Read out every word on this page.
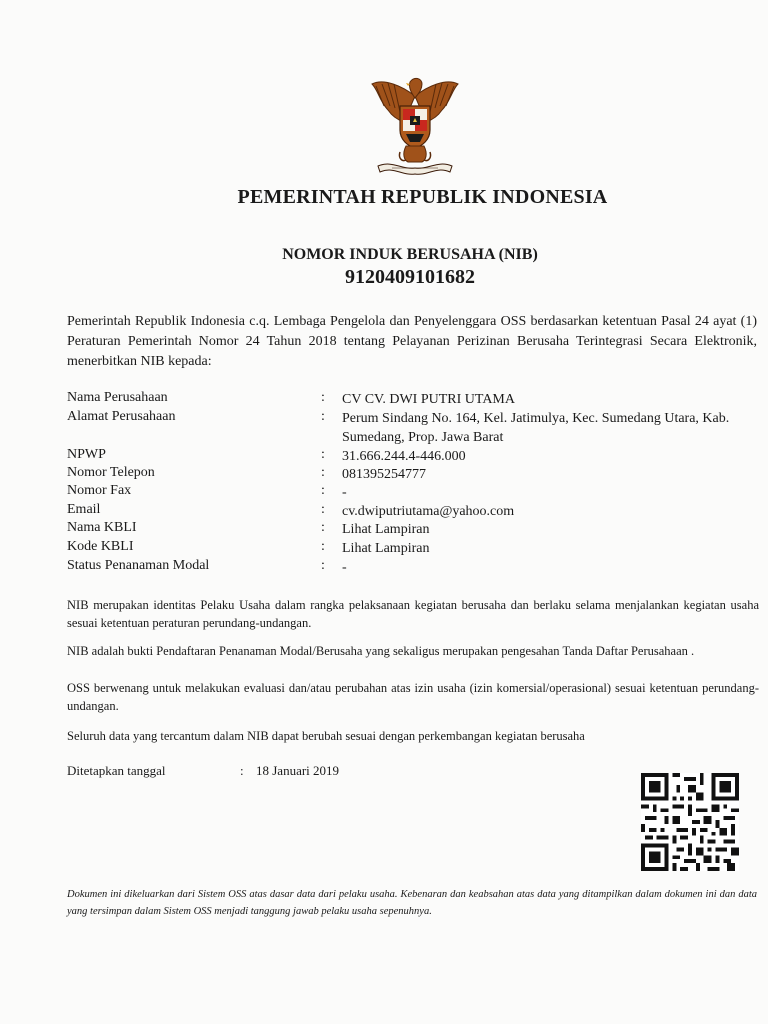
PEMERINTAH REPUBLIK INDONESIA
NOMOR INDUK BERUSAHA (NIB)
9120409101682
Pemerintah Republik Indonesia c.q. Lembaga Pengelola dan Penyelenggara OSS berdasarkan ketentuan Pasal 24 ayat (1) Peraturan Pemerintah Nomor 24 Tahun 2018 tentang Pelayanan Perizinan Berusaha Terintegrasi Secara Elektronik, menerbitkan NIB kepada:
Nama Perusahaan	: CV CV. DWI PUTRI UTAMA
Alamat Perusahaan	: Perum Sindang No. 164, Kel. Jatimulya, Kec. Sumedang Utara, Kab. Sumedang, Prop. Jawa Barat
NPWP	: 31.666.244.4-446.000
Nomor Telepon	: 081395254777
Nomor Fax	: -
Email	: cv.dwiputriutama@yahoo.com
Nama KBLI	: Lihat Lampiran
Kode KBLI	: Lihat Lampiran
Status Penanaman Modal	: -
NIB merupakan identitas Pelaku Usaha dalam rangka pelaksanaan kegiatan berusaha dan berlaku selama menjalankan kegiatan usaha sesuai ketentuan peraturan perundang-undangan.
NIB adalah bukti Pendaftaran Penanaman Modal/Berusaha yang sekaligus merupakan pengesahan Tanda Daftar Perusahaan .
OSS berwenang untuk melakukan evaluasi dan/atau perubahan atas izin usaha (izin komersial/operasional) sesuai ketentuan perundang-undangan.
Seluruh data yang tercantum dalam NIB dapat berubah sesuai dengan perkembangan kegiatan berusaha
Ditetapkan tanggal	: 18 Januari 2019
Dokumen ini dikeluarkan dari Sistem OSS atas dasar data dari pelaku usaha. Kebenaran dan keabsahan atas data yang ditampilkan dalam dokumen ini dan data yang tersimpan dalam Sistem OSS menjadi tanggung jawab pelaku usaha sepenuhnya.
